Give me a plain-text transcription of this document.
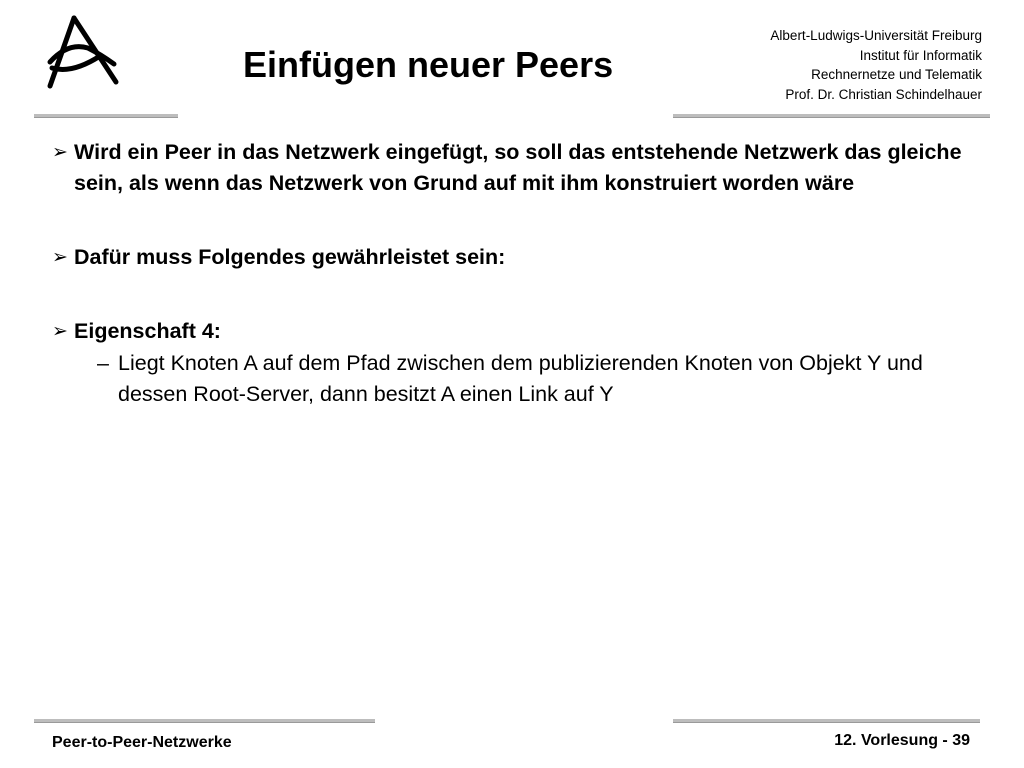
Einfügen neuer Peers
Albert-Ludwigs-Universität Freiburg
Institut für Informatik
Rechnernetze und Telematik
Prof. Dr. Christian Schindelhauer
➢ Wird ein Peer in das Netzwerk eingefügt, so soll das entstehende Netzwerk das gleiche sein, als wenn das Netzwerk von Grund auf mit ihm konstruiert worden wäre
➢ Dafür muss Folgendes gewährleistet sein:
➢ Eigenschaft 4:
– Liegt Knoten A auf dem Pfad zwischen dem publizierenden Knoten von Objekt Y und dessen Root-Server, dann besitzt A einen Link auf Y
Peer-to-Peer-Netzwerke	12. Vorlesung - 39
